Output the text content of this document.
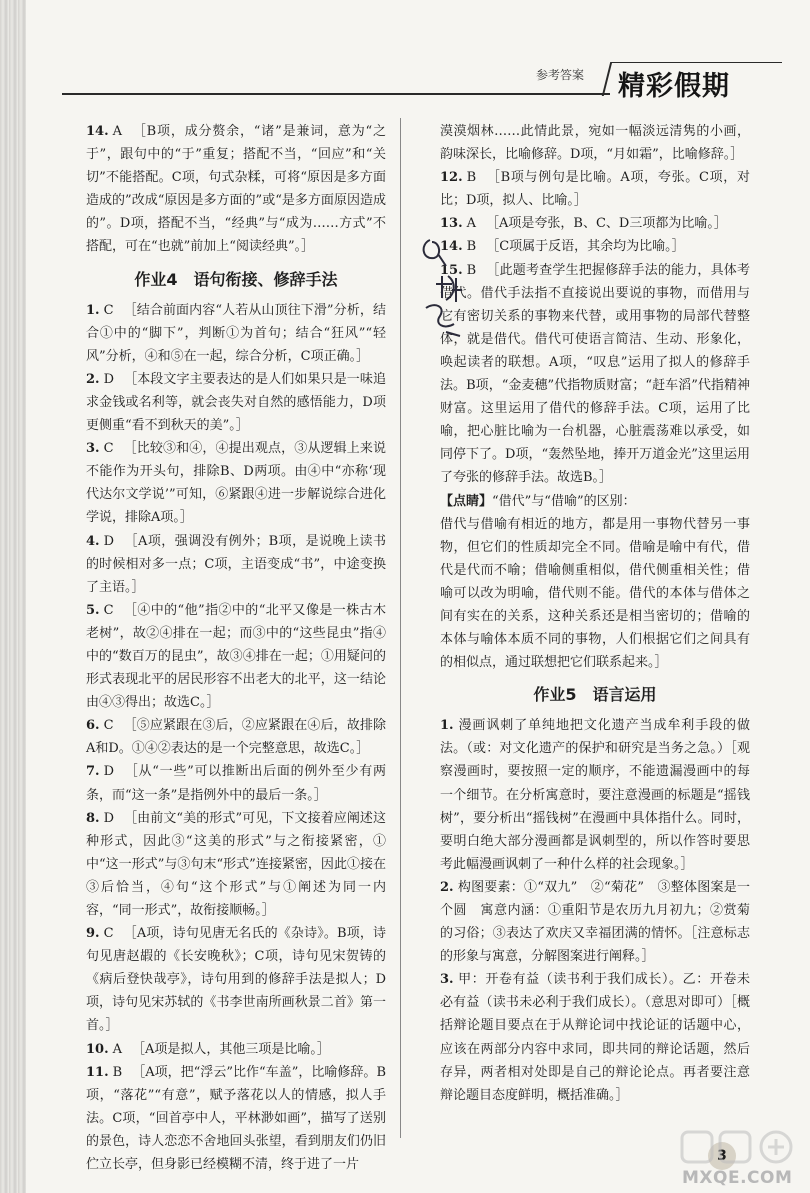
参考答案 精彩假期

14. A ［B项，成分赘余，“诸”是兼词，意为“之于”，跟句中的“于”重复；搭配不当，“回应”和“关切”不能搭配。C项，句式杂糅，可将“原因是多方面造成的”改成“原因是多方面的”或“是多方面原因造成的”。D项，搭配不当，“经典”与“成为……方式”不搭配，可在“也就”前加上“阅读经典”。］

作业4　语句衔接、修辞手法

1. C ［结合前面内容“人若从山顶往下滑”分析，结合①中的“脚下”，判断①为首句；结合“狂风”“轻风”分析，④和⑤在一起，综合分析，C项正确。］

2. D ［本段文字主要表达的是人们如果只是一味追求金钱或名利等，就会丧失对自然的感悟能力，D项更侧重“看不到秋天的美”。］

3. C ［比较③和④，④提出观点，③从逻辑上来说不能作为开头句，排除B、D两项。由④中“亦称‘现代达尔文学说’”可知，⑥紧跟④进一步解说综合进化学说，排除A项。］

4. D ［A项，强调没有例外；B项，是说晚上读书的时候相对多一点；C项，主语变成“书”，中途变换了主语。］

5. C ［④中的“他”指②中的“北平又像是一株古木老树”，故②④排在一起；而③中的“这些昆虫”指④中的“数百万的昆虫”，故③④排在一起；①用疑问的形式表现北平的居民形容不出老大的北平，这一结论由④③得出；故选C。］

6. C ［⑤应紧跟在③后，②应紧跟在④后，故排除A和D。①④②表达的是一个完整意思，故选C。］

7. D ［从“一些”可以推断出后面的例外至少有两条，而“这一条”是指例外中的最后一条。］

8. D ［由前文“美的形式”可见，下文接着应阐述这种形式，因此③“这美的形式”与之衔接紧密，①中“这一形式”与③句末“形式”连接紧密，因此①接在③后恰当，④句“这个形式”与①阐述为同一内容，“同一形式”，故衔接顺畅。］

9. C ［A项，诗句见唐无名氏的《杂诗》。B项，诗句见唐赵嘏的《长安晚秋》；C项，诗句见宋贺铸的《病后登快哉亭》，诗句用到的修辞手法是拟人；D项，诗句见宋苏轼的《书李世南所画秋景二首》第一首。］

10. A ［A项是拟人，其他三项是比喻。］

11. B ［A项，把“浮云”比作“车盖”，比喻修辞。B项，“落花”“有意”，赋予落花以人的情感，拟人手法。C项，“回首亭中人，平林渺如画”，描写了送别的景色，诗人恋恋不舍地回头张望，看到朋友们仍旧伫立长亭，但身影已经模糊不清，终于进了一片

漠漠烟林……此情此景，宛如一幅淡远清隽的小画，韵味深长，比喻修辞。D项，“月如霜”，比喻修辞。］

12. B ［B项与例句是比喻。A项，夸张。C项，对比；D项，拟人、比喻。］

13. A ［A项是夸张，B、C、D三项都为比喻。］

14. B ［C项属于反语，其余均为比喻。］

15. B ［此题考查学生把握修辞手法的能力，具体考借代。借代手法指不直接说出要说的事物，而借用与它有密切关系的事物来代替，或用事物的局部代替整体，就是借代。借代可使语言简洁、生动、形象化，唤起读者的联想。A项，“叹息”运用了拟人的修辞手法。B项，“金麦穗”代指物质财富；“赶车滔”代指精神财富。这里运用了借代的修辞手法。C项，运用了比喻，把心脏比喻为一台机器，心脏震荡难以承受，如同停下了。D项，“轰然坠地，捧开万道金光”这里运用了夸张的修辞手法。故选B。］

【点睛】“借代”与“借喻”的区别：

借代与借喻有相近的地方，都是用一事物代替另一事物，但它们的性质却完全不同。借喻是喻中有代，借代是代而不喻；借喻侧重相似，借代侧重相关性；借喻可以改为明喻，借代则不能。借代的本体与借体之间有实在的关系，这种关系还是相当密切的；借喻的本体与喻体本质不同的事物，人们根据它们之间具有的相似点，通过联想把它们联系起来。］

作业5　语言运用

1. 漫画讽刺了单纯地把文化遗产当成牟利手段的做法。（或：对文化遗产的保护和研究是当务之急。）［观察漫画时，要按照一定的顺序，不能遗漏漫画中的每一个细节。在分析寓意时，要注意漫画的标题是“摇钱树”，要分析出“摇钱树”在漫画中具体指什么。同时，要明白绝大部分漫画都是讽刺型的，所以作答时要思考此幅漫画讽刺了一种什么样的社会现象。］

2. 构图要素：①“双九”　②“菊花”　③整体图案是一个圆　寓意内涵：①重阳节是农历九月初九；②赏菊的习俗；③表达了欢庆又幸福团满的情怀。［注意标志的形象与寓意，分解图案进行阐释。］

3. 甲：开卷有益（读书利于我们成长）。乙：开卷未必有益（读书未必利于我们成长）。（意思对即可）［概括辩论题目要点在于从辩论词中找论证的话题中心，应该在两部分内容中求同，即共同的辩论话题，然后存异，两者相对处即是自己的辩论论点。再者要注意辩论题目态度鲜明，概括准确。］

3
MXQE.COM
